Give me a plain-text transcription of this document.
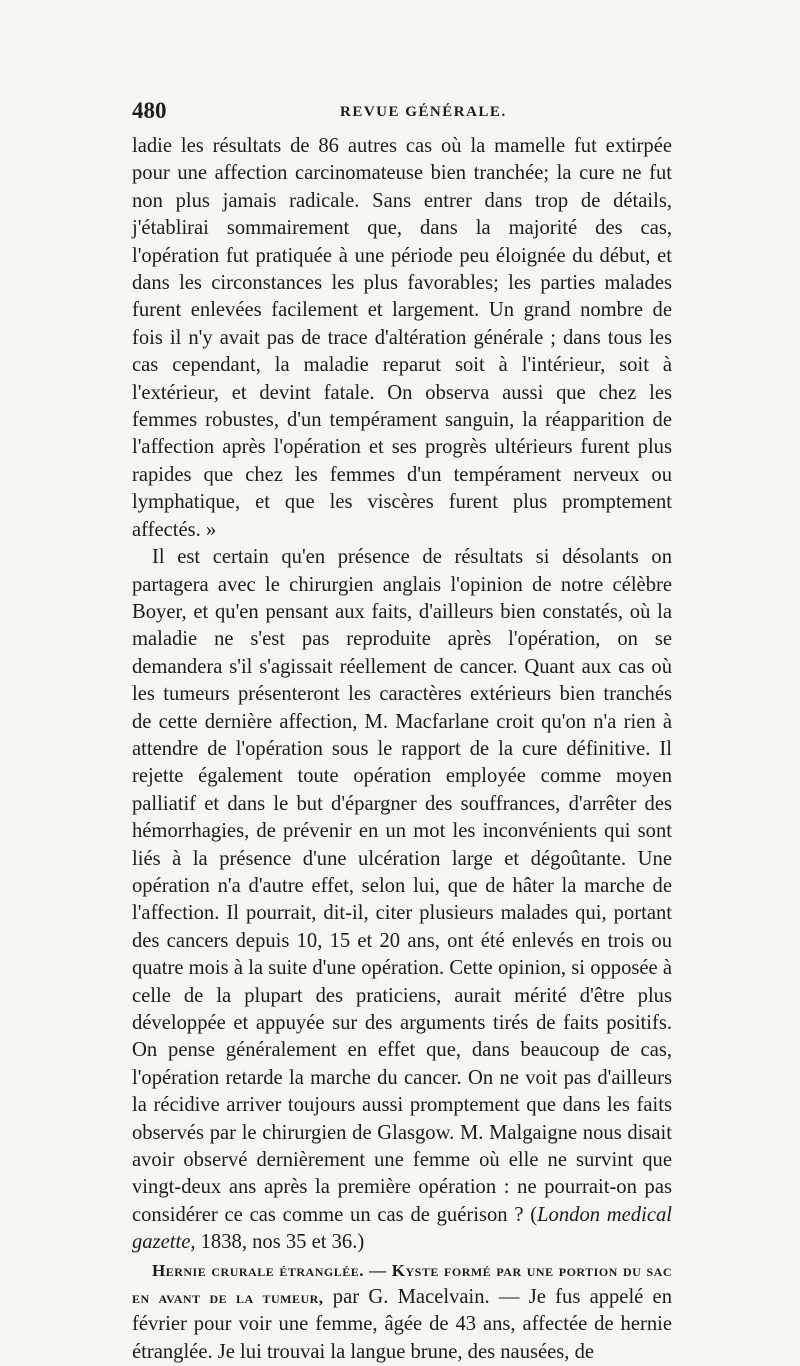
480	REVUE GÉNÉRALE.

ladie les résultats de 86 autres cas où la mamelle fut extirpée pour une affection carcinomateuse bien tranchée; la cure ne fut non plus jamais radicale. Sans entrer dans trop de détails, j'établirai sommairement que, dans la majorité des cas, l'opération fut pratiquée à une période peu éloignée du début, et dans les circonstances les plus favorables; les parties malades furent enlevées facilement et largement. Un grand nombre de fois il n'y avait pas de trace d'altération générale ; dans tous les cas cependant, la maladie reparut soit à l'intérieur, soit à l'extérieur, et devint fatale. On observa aussi que chez les femmes robustes, d'un tempérament sanguin, la réapparition de l'affection après l'opération et ses progrès ultérieurs furent plus rapides que chez les femmes d'un tempérament nerveux ou lymphatique, et que les viscères furent plus promptement affectés. »

Il est certain qu'en présence de résultats si désolants on partagera avec le chirurgien anglais l'opinion de notre célèbre Boyer, et qu'en pensant aux faits, d'ailleurs bien constatés, où la maladie ne s'est pas reproduite après l'opération, on se demandera s'il s'agissait réellement de cancer. Quant aux cas où les tumeurs présenteront les caractères extérieurs bien tranchés de cette dernière affection, M. Macfarlane croit qu'on n'a rien à attendre de l'opération sous le rapport de la cure définitive. Il rejette également toute opération employée comme moyen palliatif et dans le but d'épargner des souffrances, d'arrêter des hémorrhagies, de prévenir en un mot les inconvénients qui sont liés à la présence d'une ulcération large et dégoûtante. Une opération n'a d'autre effet, selon lui, que de hâter la marche de l'affection. Il pourrait, dit-il, citer plusieurs malades qui, portant des cancers depuis 10, 15 et 20 ans, ont été enlevés en trois ou quatre mois à la suite d'une opération. Cette opinion, si opposée à celle de la plupart des praticiens, aurait mérité d'être plus développée et appuyée sur des arguments tirés de faits positifs. On pense généralement en effet que, dans beaucoup de cas, l'opération retarde la marche du cancer. On ne voit pas d'ailleurs la récidive arriver toujours aussi promptement que dans les faits observés par le chirurgien de Glasgow. M. Malgaigne nous disait avoir observé dernièrement une femme où elle ne survint que vingt-deux ans après la première opération : ne pourrait-on pas considérer ce cas comme un cas de guérison ? (London medical gazette, 1838, nos 35 et 36.)

Hernie crurale étranglée. — Kyste formé par une portion du sac en avant de la tumeur, par G. Macelvain. — Je fus appelé en février pour voir une femme, âgée de 43 ans, affectée de hernie étranglée. Je lui trouvai la langue brune, des nausées, de
